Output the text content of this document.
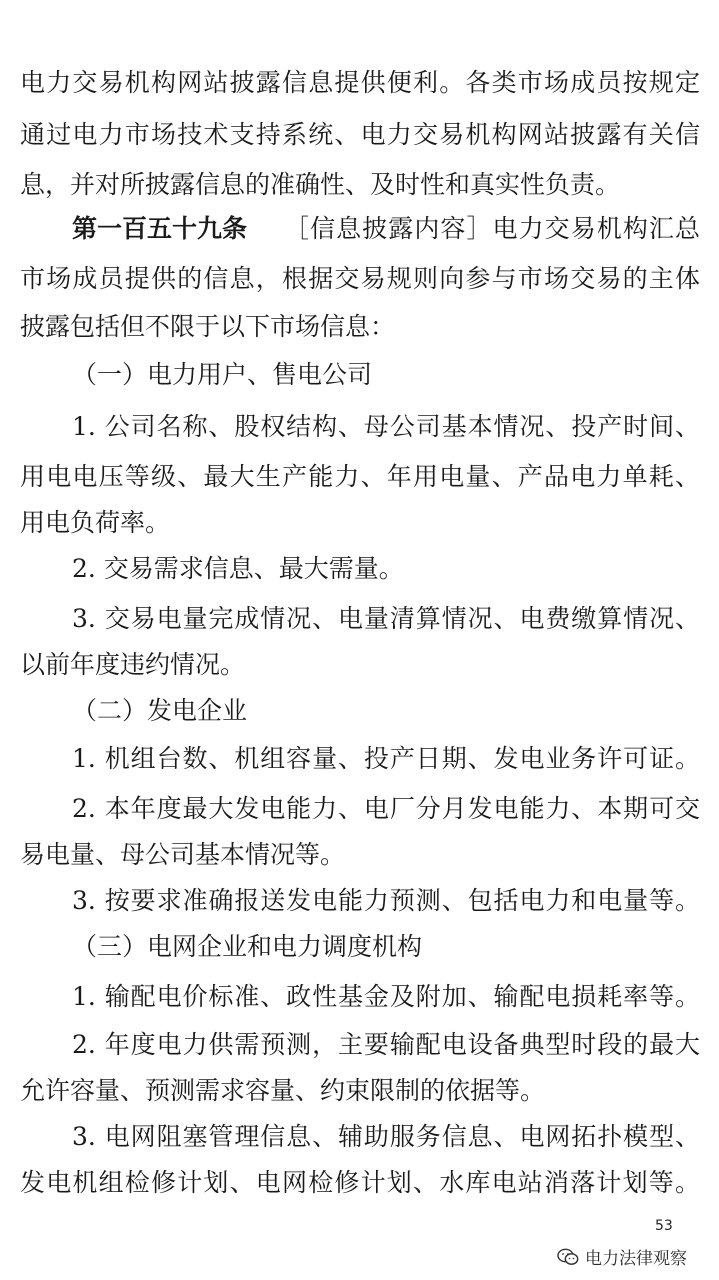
电力交易机构网站披露信息提供便利。各类市场成员按规定
通过电力市场技术支持系统、电力交易机构网站披露有关信
息，并对所披露信息的准确性、及时性和真实性负责。
第一百五十九条	［信息披露内容］电力交易机构汇总
市场成员提供的信息，根据交易规则向参与市场交易的主体
披露包括但不限于以下市场信息：
（一）电力用户、售电公司
1. 公司名称、股权结构、母公司基本情况、投产时间、
用电电压等级、最大生产能力、年用电量、产品电力单耗、
用电负荷率。
2. 交易需求信息、最大需量。
3. 交易电量完成情况、电量清算情况、电费缴算情况、
以前年度违约情况。
（二）发电企业
1. 机组台数、机组容量、投产日期、发电业务许可证。
2. 本年度最大发电能力、电厂分月发电能力、本期可交
易电量、母公司基本情况等。
3. 按要求准确报送发电能力预测、包括电力和电量等。
（三）电网企业和电力调度机构
1. 输配电价标准、政性基金及附加、输配电损耗率等。
2. 年度电力供需预测，主要输配电设备典型时段的最大
允许容量、预测需求容量、约束限制的依据等。
3. 电网阻塞管理信息、辅助服务信息、电网拓扑模型、
发电机组检修计划、电网检修计划、水库电站消落计划等。
53
电力法律观察
